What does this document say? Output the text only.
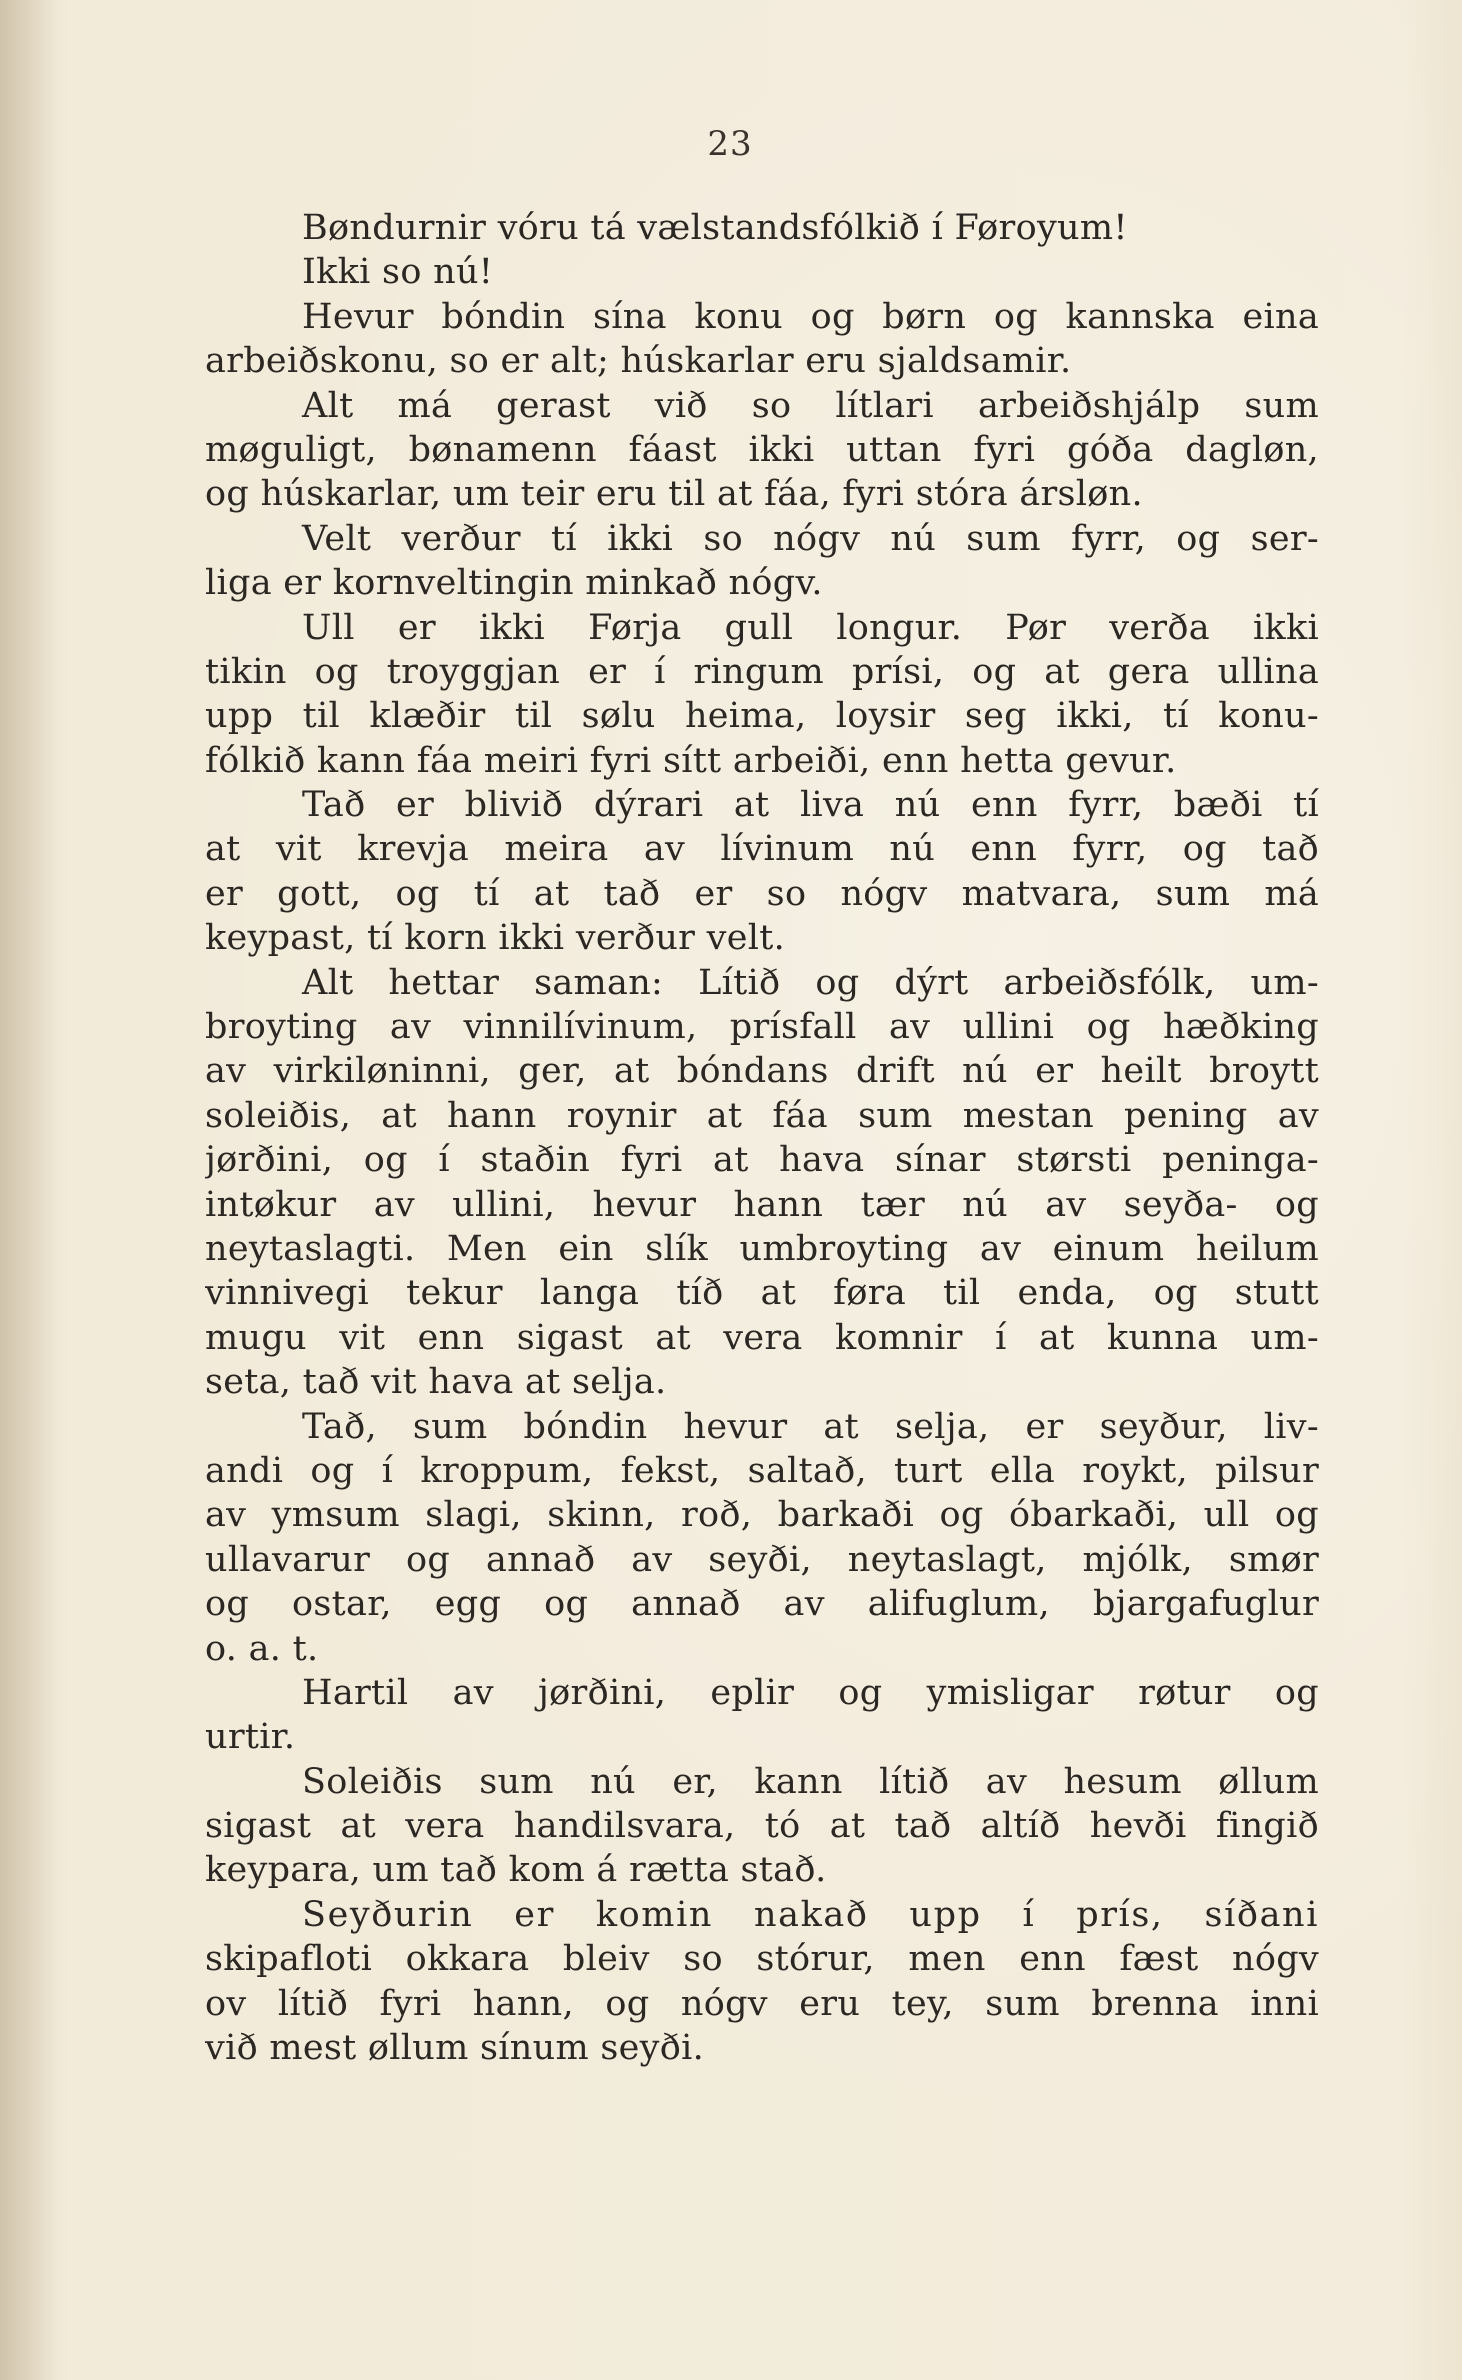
23
Bøndurnir vóru tá vælstandsfólkið í Føroyum!
Ikki so nú!
Hevur bóndin sína konu og børn og kannska eina
arbeiðskonu, so er alt; húskarlar eru sjaldsamir.
Alt má gerast við so lítlari arbeiðshjálp sum
møguligt, bønamenn fáast ikki uttan fyri góða dagløn,
og húskarlar, um teir eru til at fáa, fyri stóra ársløn.
Velt verður tí ikki so nógv nú sum fyrr, og ser-
liga er kornveltingin minkað nógv.
Ull er ikki Førja gull longur. Pør verða ikki
tikin og troyggjan er í ringum prísi, og at gera ullina
upp til klæðir til sølu heima, loysir seg ikki, tí konu-
fólkið kann fáa meiri fyri sítt arbeiði, enn hetta gevur.
Tað er blivið dýrari at liva nú enn fyrr, bæði tí
at vit krevja meira av lívinum nú enn fyrr, og tað
er gott, og tí at tað er so nógv matvara, sum má
keypast, tí korn ikki verður velt.
Alt hettar saman: Lítið og dýrt arbeiðsfólk, um-
broyting av vinnilívinum, prísfall av ullini og hæðking
av virkiløninni, ger, at bóndans drift nú er heilt broytt
soleiðis, at hann roynir at fáa sum mestan pening av
jørðini, og í staðin fyri at hava sínar størsti peninga-
intøkur av ullini, hevur hann tær nú av seyða- og
neytaslagti. Men ein slík umbroyting av einum heilum
vinnivegi tekur langa tíð at føra til enda, og stutt
mugu vit enn sigast at vera komnir í at kunna um-
seta, tað vit hava at selja.
Tað, sum bóndin hevur at selja, er seyður, liv-
andi og í kroppum, fekst, saltað, turt ella roykt, pilsur
av ymsum slagi, skinn, roð, barkaði og óbarkaði, ull og
ullavarur og annað av seyði, neytaslagt, mjólk, smør
og ostar, egg og annað av alifuglum, bjargafuglur
o. a. t.
Hartil av jørðini, eplir og ymisligar røtur og
urtir.
Soleiðis sum nú er, kann lítið av hesum øllum
sigast at vera handilsvara, tó at tað altíð hevði fingið
keypara, um tað kom á rætta stað.
Seyðurin er komin nakað upp í prís, síðani
skipafloti okkara bleiv so stórur, men enn fæst nógv
ov lítið fyri hann, og nógv eru tey, sum brenna inni
við mest øllum sínum seyði.
